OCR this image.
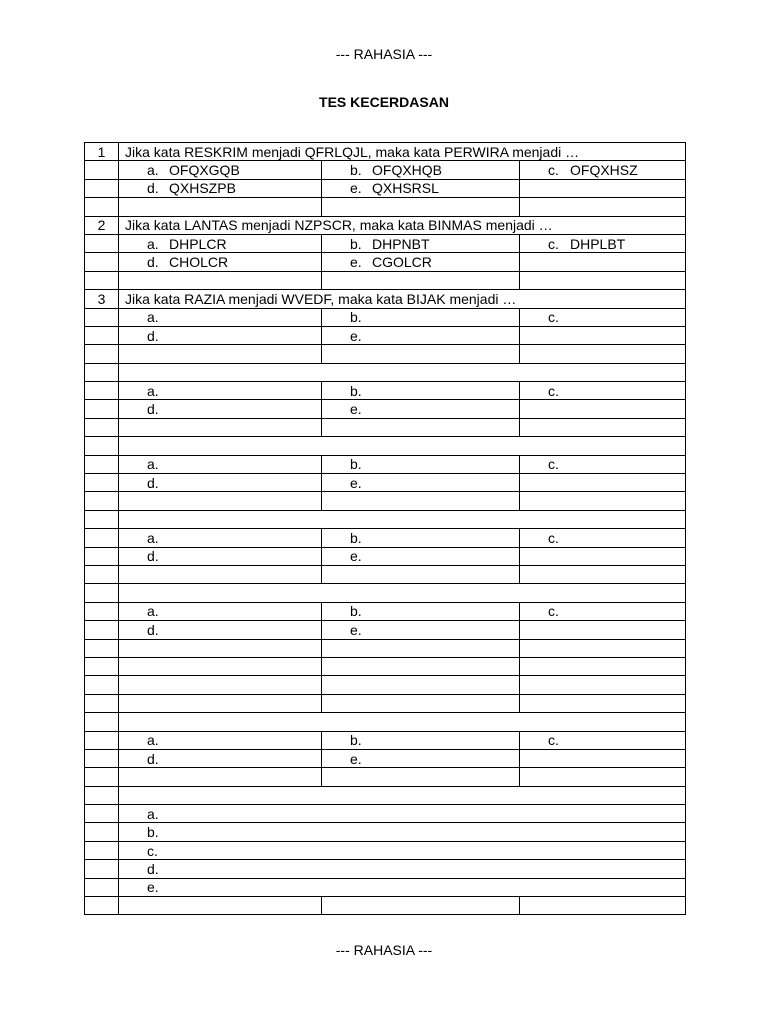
--- RAHASIA ---
TES KECERDASAN
1	Jika kata RESKRIM menjadi QFRLQJL, maka kata PERWIRA menjadi …		
	a. OFQXGQB	b. OFQXHQB	c. OFQXHSZ
	d. QXHSZPB	e. QXHSRSL	

2	Jika kata LANTAS menjadi NZPSCR, maka kata BINMAS menjadi …		
	a. DHPLCR	b. DHPNBT	c. DHPLBT
	d. CHOLCR	e. CGOLCR	

3	Jika kata RAZIA menjadi WVEDF, maka kata BIJAK menjadi …		
	a.	b.	c.
	d.	e.	

	a.	b.	c.
	d.	e.	

	a.	b.	c.
	d.	e.	

	a.	b.	c.
	d.	e.	

	a.	b.	c.
	d.	e.	

	a.	b.	c.
	d.	e.	

	a.		
	b.		
	c.		
	d.		
	e.		

--- RAHASIA ---
